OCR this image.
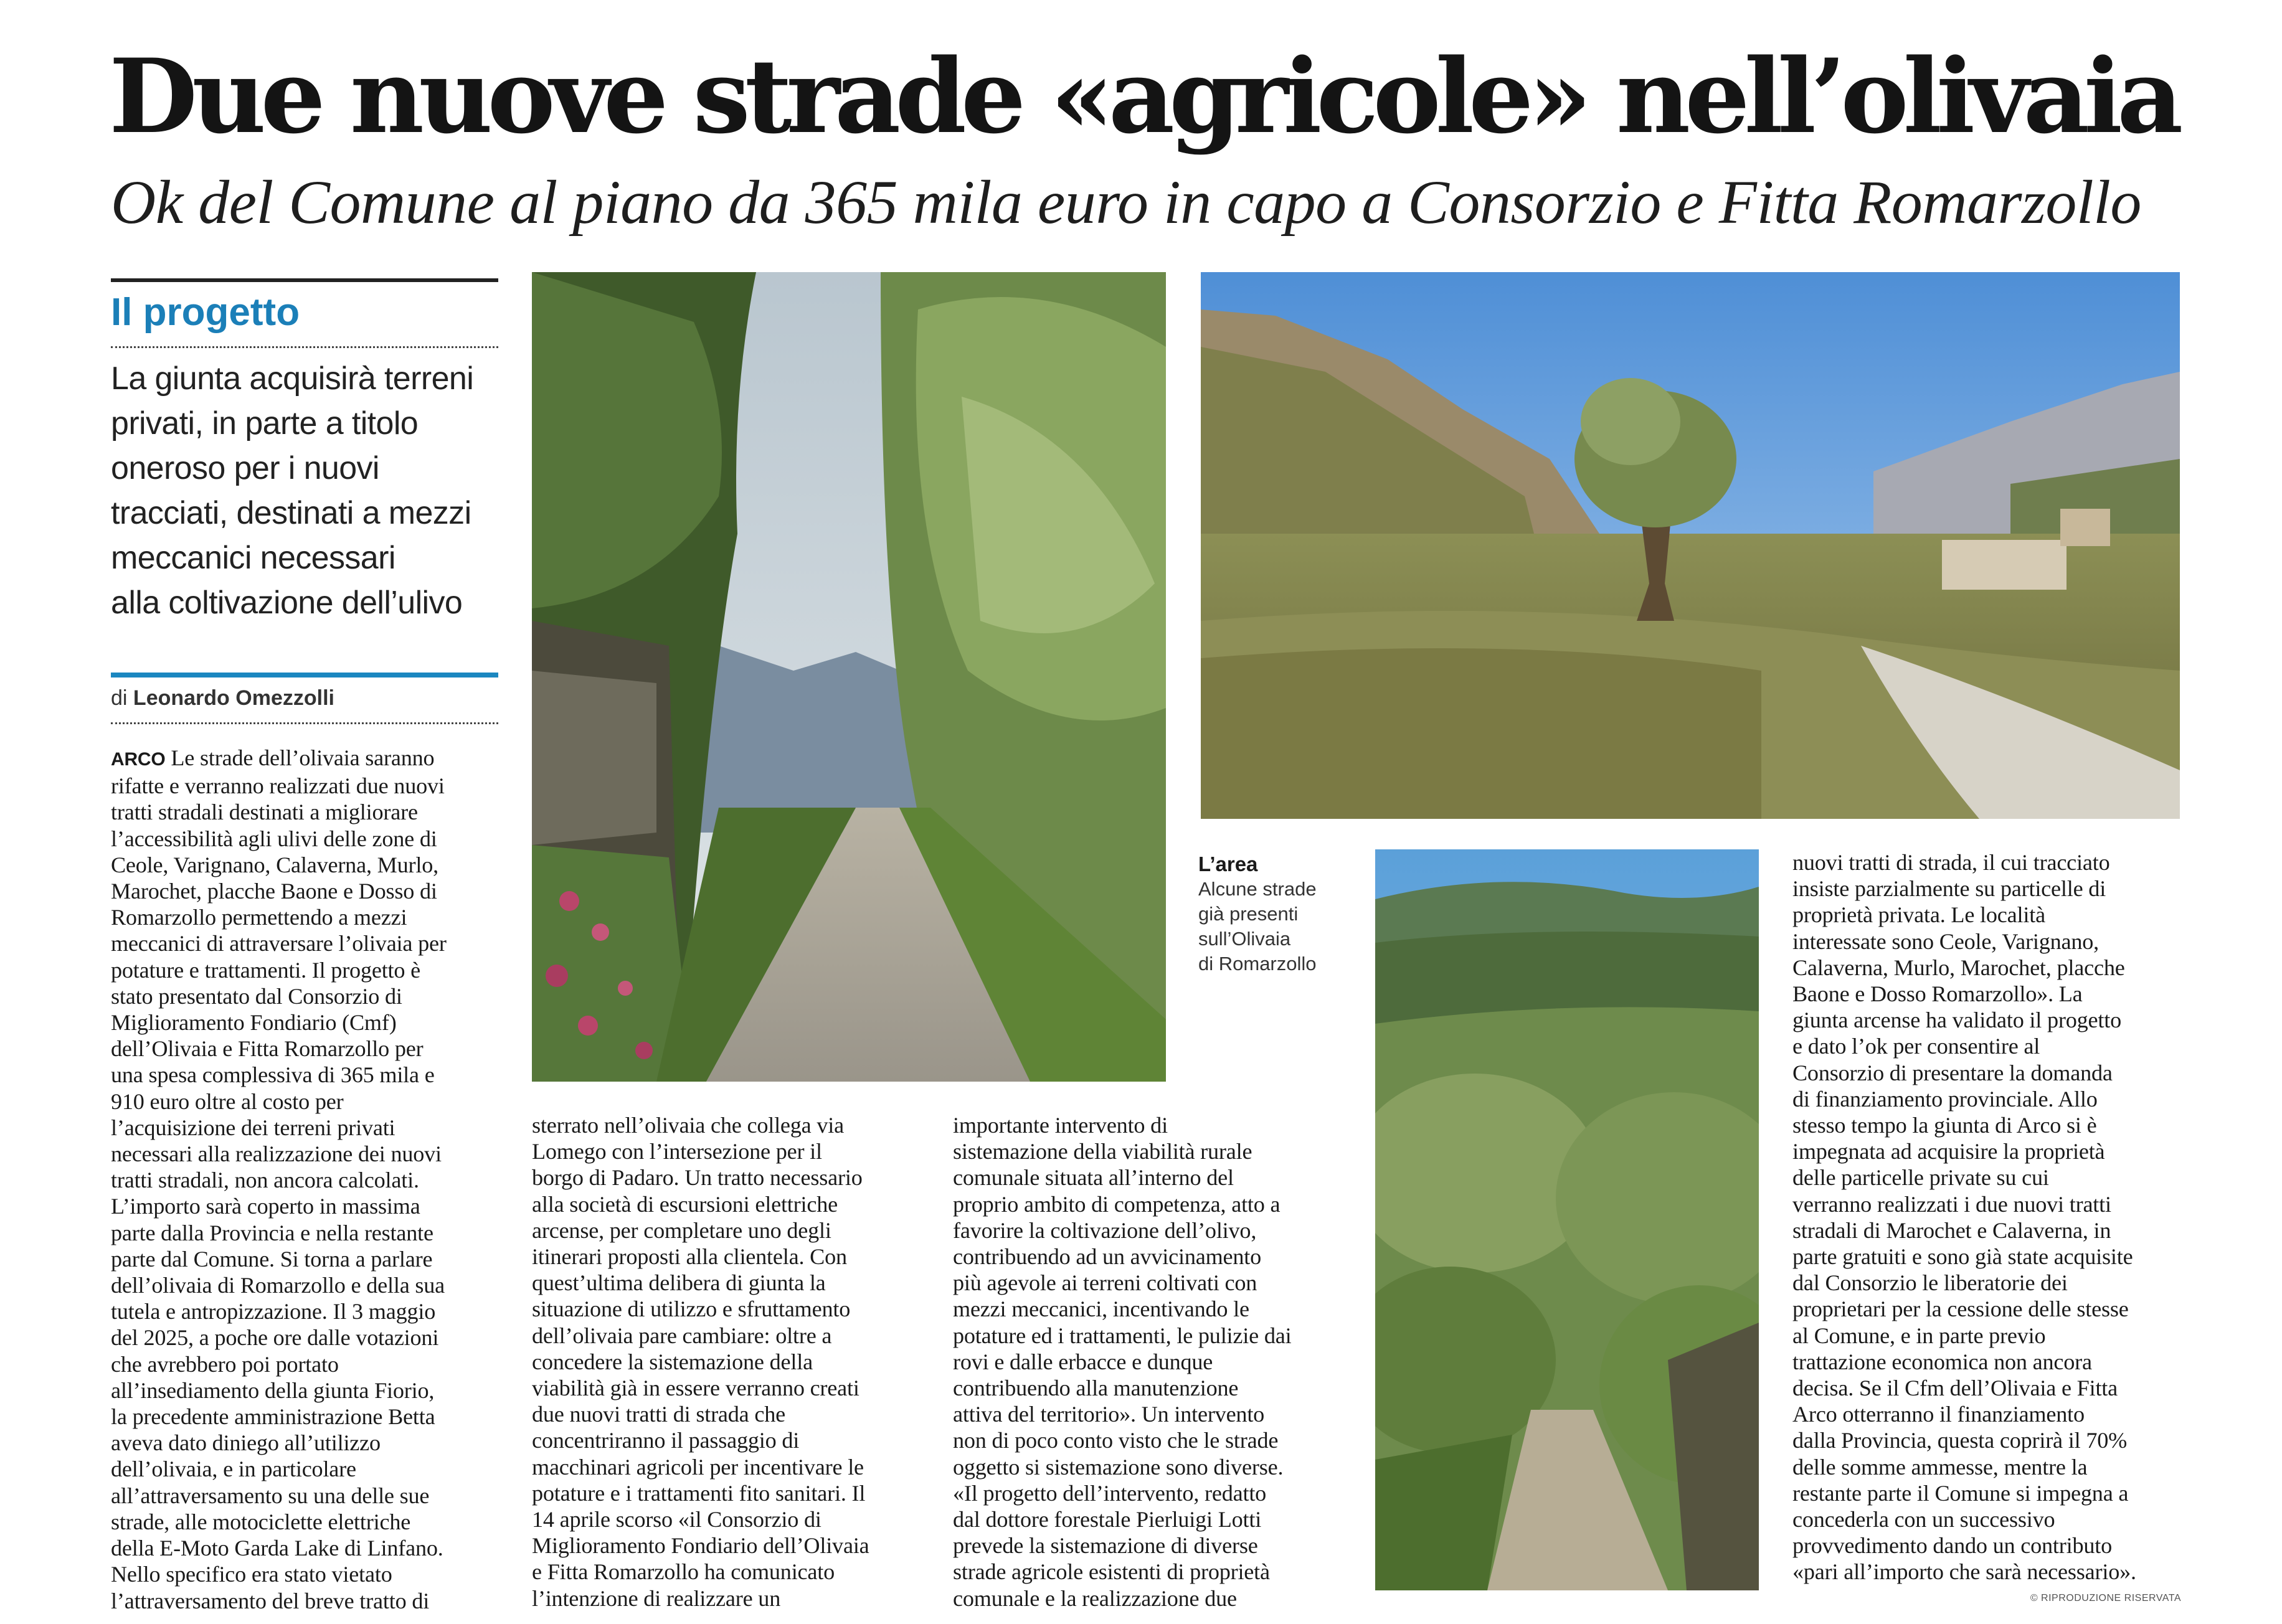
Due nuove strade «agricole» nell’olivaia
Ok del Comune al piano da 365 mila euro in capo a Consorzio e Fitta Romarzollo
Il progetto
La giunta acquisirà terreni
privati, in parte a titolo
oneroso per i nuovi
tracciati, destinati a mezzi
meccanici necessari
alla coltivazione dell’ulivo
di Leonardo Omezzolli
ARCO Le strade dell’olivaia saranno
rifatte e verranno realizzati due nuovi
tratti stradali destinati a migliorare
l’accessibilità agli ulivi delle zone di
Ceole, Varignano, Calaverna, Murlo,
Marochet, placche Baone e Dosso di
Romarzollo permettendo a mezzi
meccanici di attraversare l’olivaia per
potature e trattamenti. Il progetto è
stato presentato dal Consorzio di
Miglioramento Fondiario (Cmf)
dell’Olivaia e Fitta Romarzollo per
una spesa complessiva di 365 mila e
910 euro oltre al costo per
l’acquisizione dei terreni privati
necessari alla realizzazione dei nuovi
tratti stradali, non ancora calcolati.
L’importo sarà coperto in massima
parte dalla Provincia e nella restante
parte dal Comune. Si torna a parlare
dell’olivaia di Romarzollo e della sua
tutela e antropizzazione. Il 3 maggio
del 2025, a poche ore dalle votazioni
che avrebbero poi portato
all’insediamento della giunta Fiorio,
la precedente amministrazione Betta
aveva dato diniego all’utilizzo
dell’olivaia, e in particolare
all’attraversamento su una delle sue
strade, alle motociclette elettriche
della E-Moto Garda Lake di Linfano.
Nello specifico era stato vietato
l’attraversamento del breve tratto di
sterrato nell’olivaia che collega via
Lomego con l’intersezione per il
borgo di Padaro. Un tratto necessario
alla società di escursioni elettriche
arcense, per completare uno degli
itinerari proposti alla clientela. Con
quest’ultima delibera di giunta la
situazione di utilizzo e sfruttamento
dell’olivaia pare cambiare: oltre a
concedere la sistemazione della
viabilità già in essere verranno creati
due nuovi tratti di strada che
concentriranno il passaggio di
macchinari agricoli per incentivare le
potature e i trattamenti fito sanitari. Il
14 aprile scorso «il Consorzio di
Miglioramento Fondiario dell’Olivaia
e Fitta Romarzollo ha comunicato
l’intenzione di realizzare un
importante intervento di
sistemazione della viabilità rurale
comunale situata all’interno del
proprio ambito di competenza, atto a
favorire la coltivazione dell’olivo,
contribuendo ad un avvicinamento
più agevole ai terreni coltivati con
mezzi meccanici, incentivando le
potature ed i trattamenti, le pulizie dai
rovi e dalle erbacce e dunque
contribuendo alla manutenzione
attiva del territorio». Un intervento
non di poco conto visto che le strade
oggetto si sistemazione sono diverse.
«Il progetto dell’intervento, redatto
dal dottore forestale Pierluigi Lotti
prevede la sistemazione di diverse
strade agricole esistenti di proprietà
comunale e la realizzazione due
nuovi tratti di strada, il cui tracciato
insiste parzialmente su particelle di
proprietà privata. Le località
interessate sono Ceole, Varignano,
Calaverna, Murlo, Marochet, placche
Baone e Dosso Romarzollo». La
giunta arcense ha validato il progetto
e dato l’ok per consentire al
Consorzio di presentare la domanda
di finanziamento provinciale. Allo
stesso tempo la giunta di Arco si è
impegnata ad acquisire la proprietà
delle particelle private su cui
verranno realizzati i due nuovi tratti
stradali di Marochet e Calaverna, in
parte gratuiti e sono già state acquisite
dal Consorzio le liberatorie dei
proprietari per la cessione delle stesse
al Comune, e in parte previo
trattazione economica non ancora
decisa. Se il Cfm dell’Olivaia e Fitta
Arco otterranno il finanziamento
dalla Provincia, questa coprirà il 70%
delle somme ammesse, mentre la
restante parte il Comune si impegna a
concederla con un successivo
provvedimento dando un contributo
«pari all’importo che sarà necessario».
L’area
Alcune strade
già presenti
sull’Olivaia
di Romarzollo
© RIPRODUZIONE RISERVATA
